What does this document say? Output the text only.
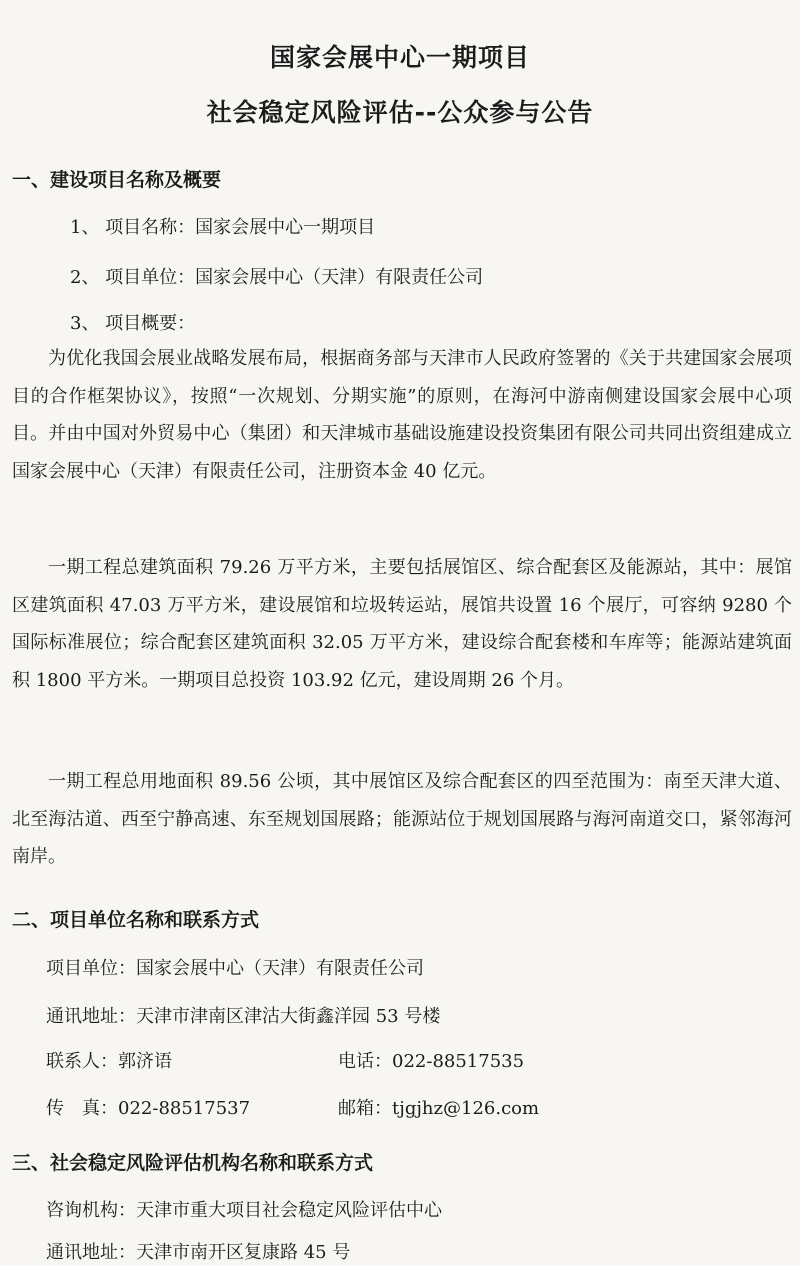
国家会展中心一期项目
社会稳定风险评估--公众参与公告
一、建设项目名称及概要
1、 项目名称：国家会展中心一期项目
2、 项目单位：国家会展中心（天津）有限责任公司
3、 项目概要：

为优化我国会展业战略发展布局，根据商务部与天津市人民政府签署的《关于共建国家会展项目的合作框架协议》，按照“一次规划、分期实施”的原则，在海河中游南侧建设国家会展中心项目。并由中国对外贸易中心（集团）和天津城市基础设施建设投资集团有限公司共同出资组建成立国家会展中心（天津）有限责任公司，注册资本金 40 亿元。

一期工程总建筑面积 79.26 万平方米，主要包括展馆区、综合配套区及能源站，其中：展馆区建筑面积 47.03 万平方米，建设展馆和垃圾转运站，展馆共设置 16 个展厅，可容纳 9280 个国际标准展位；综合配套区建筑面积 32.05 万平方米，建设综合配套楼和车库等；能源站建筑面积 1800 平方米。一期项目总投资 103.92 亿元，建设周期 26 个月。

一期工程总用地面积 89.56 公顷，其中展馆区及综合配套区的四至范围为：南至天津大道、北至海沽道、西至宁静高速、东至规划国展路；能源站位于规划国展路与海河南道交口，紧邻海河南岸。

二、项目单位名称和联系方式
项目单位：国家会展中心（天津）有限责任公司
通讯地址：天津市津南区津沽大街鑫洋园 53 号楼
联系人：郭济语	电话：022-88517535
传　真：022-88517537	邮箱：tjgjhz@126.com
三、社会稳定风险评估机构名称和联系方式
咨询机构：天津市重大项目社会稳定风险评估中心
通讯地址：天津市南开区复康路 45 号
